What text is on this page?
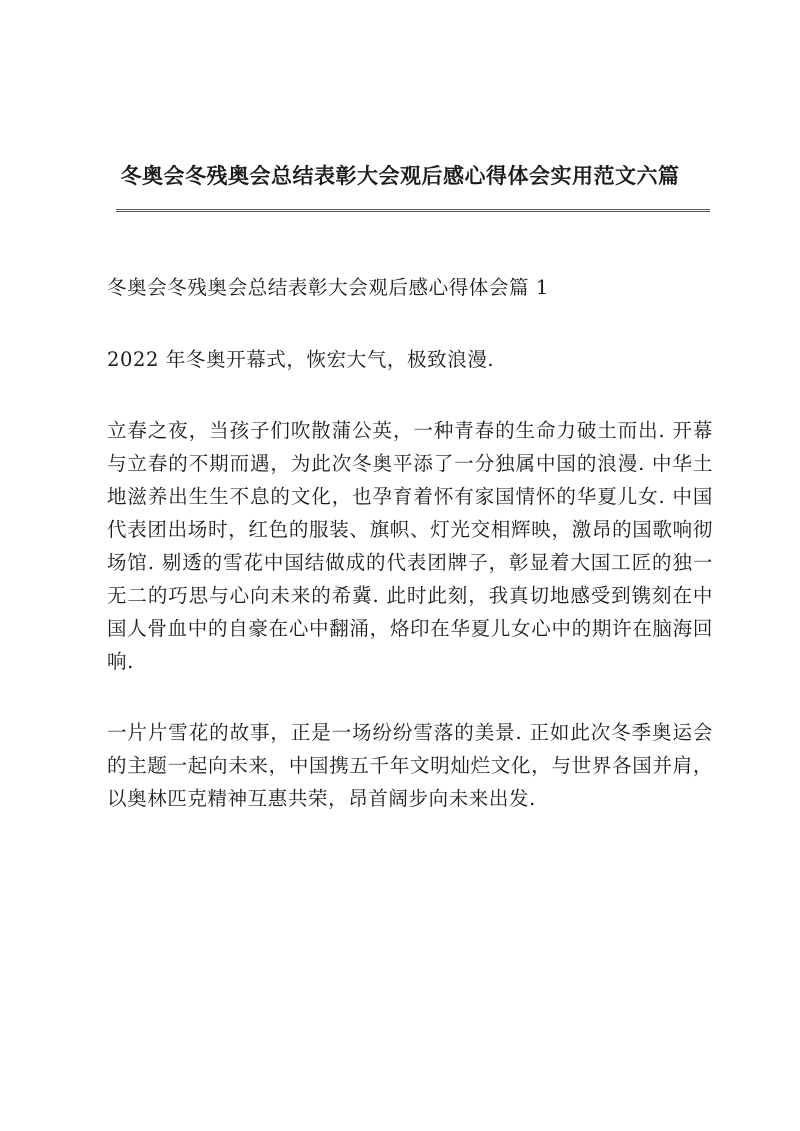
冬奥会冬残奥会总结表彰大会观后感心得体会实用范文六篇

冬奥会冬残奥会总结表彰大会观后感心得体会篇 1

2022 年冬奥开幕式，恢宏大气，极致浪漫.

立春之夜，当孩子们吹散蒲公英，一种青春的生命力破土而出. 开幕与立春的不期而遇，为此次冬奥平添了一分独属中国的浪漫. 中华土地滋养出生生不息的文化，也孕育着怀有家国情怀的华夏儿女. 中国代表团出场时，红色的服装、旗帜、灯光交相辉映，激昂的国歌响彻场馆. 剔透的雪花中国结做成的代表团牌子，彰显着大国工匠的独一无二的巧思与心向未来的希冀. 此时此刻，我真切地感受到镌刻在中国人骨血中的自豪在心中翻涌，烙印在华夏儿女心中的期许在脑海回响.

一片片雪花的故事，正是一场纷纷雪落的美景. 正如此次冬季奥运会的主题一起向未来，中国携五千年文明灿烂文化，与世界各国并肩，以奥林匹克精神互惠共荣，昂首阔步向未来出发.
